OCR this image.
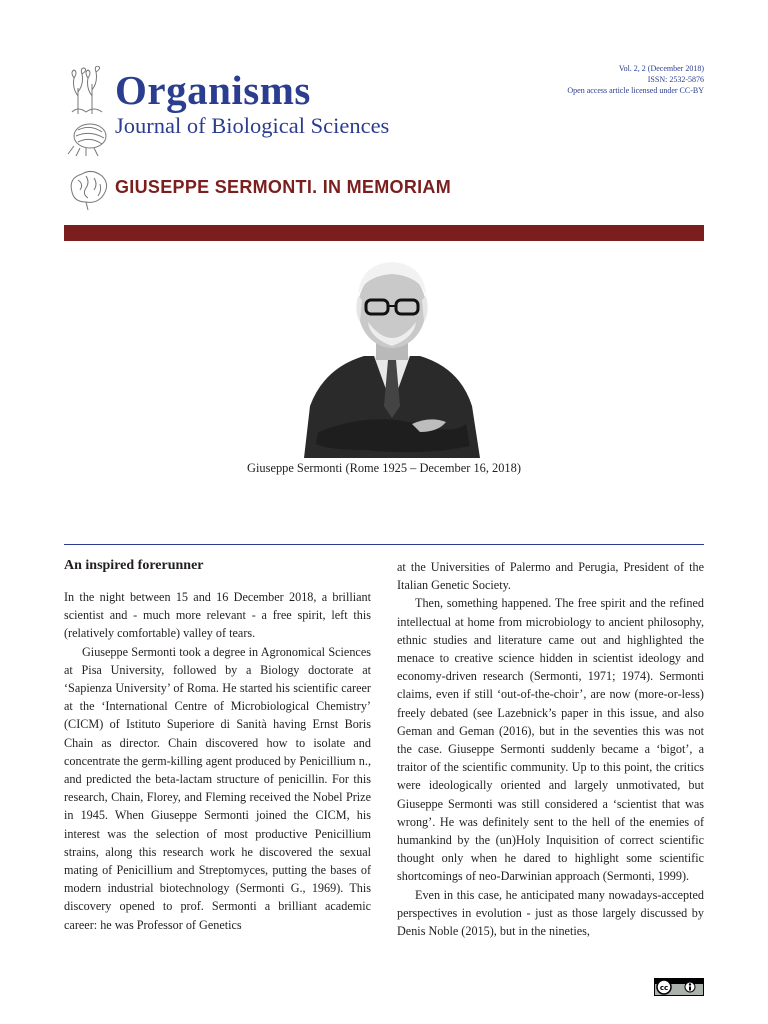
Organisms
Journal of Biological Sciences
GIUSEPPE SERMONTI. IN MEMORIAM
Vol. 2, 2 (December 2018)
ISSN: 2532-5876
Open access article licensed under CC-BY
Giuseppe Sermonti (Rome 1925 – December 16, 2018)
An inspired forerunner

In the night between 15 and 16 December 2018, a brilliant scientist and - much more relevant - a free spirit, left this (relatively comfortable) valley of tears.

Giuseppe Sermonti took a degree in Agronomical Sciences at Pisa University, followed by a Biology doctorate at ‘Sapienza University’ of Roma. He started his scientific career at the ‘International Centre of Microbiological Chemistry’ (CICM) of Istituto Superiore di Sanità having Ernst Boris Chain as director. Chain discovered how to isolate and concentrate the germ-killing agent produced by Penicillium n., and predicted the beta-lactam structure of penicillin. For this research, Chain, Florey, and Fleming received the Nobel Prize in 1945. When Giuseppe Sermonti joined the CICM, his interest was the selection of most productive Penicillium strains, along this research work he discovered the sexual mating of Penicillium and Streptomyces, putting the bases of modern industrial biotechnology (Sermonti G., 1969). This discovery opened to prof. Sermonti a brilliant academic career: he was Professor of Genetics

at the Universities of Palermo and Perugia, President of the Italian Genetic Society.

Then, something happened. The free spirit and the refined intellectual at home from microbiology to ancient philosophy, ethnic studies and literature came out and highlighted the menace to creative science hidden in scientist ideology and economy-driven research (Sermonti, 1971; 1974). Sermonti claims, even if still ‘out-of-the-choir’, are now (more-or-less) freely debated (see Lazebnick’s paper in this issue, and also Geman and Geman (2016), but in the seventies this was not the case. Giuseppe Sermonti suddenly became a ‘bigot’, a traitor of the scientific community. Up to this point, the critics were ideologically oriented and largely unmotivated, but Giuseppe Sermonti was still considered a ‘scientist that was wrong’. He was definitely sent to the hell of the enemies of humankind by the (un)Holy Inquisition of correct scientific thought only when he dared to highlight some scientific shortcomings of neo-Darwinian approach (Sermonti, 1999).

Even in this case, he anticipated many nowadays-accepted perspectives in evolution - just as those largely discussed by Denis Noble (2015), but in the nineties,

cc
